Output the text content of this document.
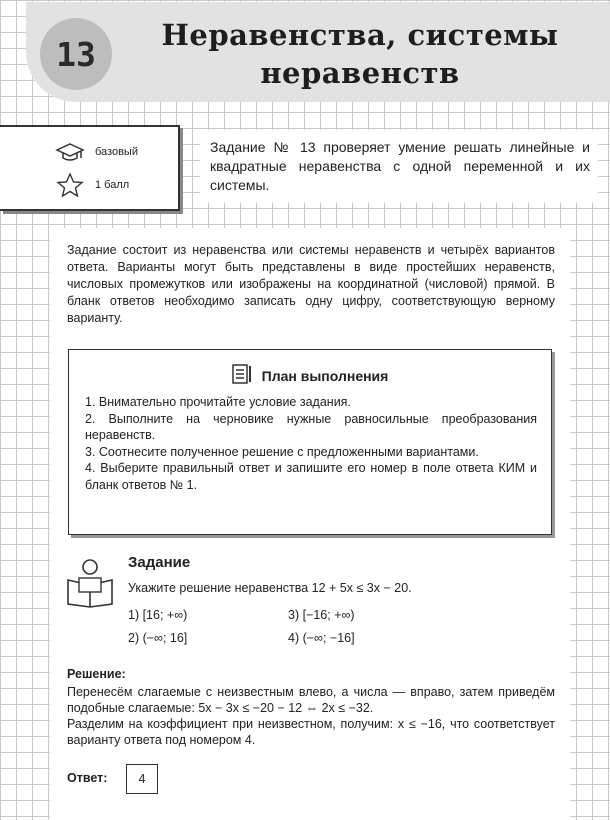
13	Неравенства, системы
неравенств
базовый
1 балл
Задание № 13 проверяет умение решать линейные и квадратные неравенства с одной переменной и их системы.

Задание состоит из неравенства или системы неравенств и четырёх вариантов ответа. Варианты могут быть представлены в виде простейших неравенств, числовых промежутков или изображены на координатной (числовой) прямой. В бланк ответов необходимо записать одну цифру, соответствующую верному варианту.

План выполнения

1. Внимательно прочитайте условие задания.

2. Выполните на черновике нужные равносильные преобразования неравенств.

3. Соотнесите полученное решение с предложенными вариантами.

4. Выберите правильный ответ и запишите его номер в поле ответа КИМ и бланк ответов № 1.

Задание
Укажите решение неравенства 12 + 5x ≤ 3x − 20.
1) [16; +∞)	3) [−16; +∞)
2) (−∞; 16]	4) (−∞; −16]
Решение:

Перенесём слагаемые с неизвестным влево, а числа — вправо, затем приведём подобные слагаемые: 5x − 3x ≤ −20 − 12 ⇔ 2x ≤ −32.

Разделим на коэффициент при неизвестном, получим: x ≤ −16, что соответствует варианту ответа под номером 4.

Ответ:	4
